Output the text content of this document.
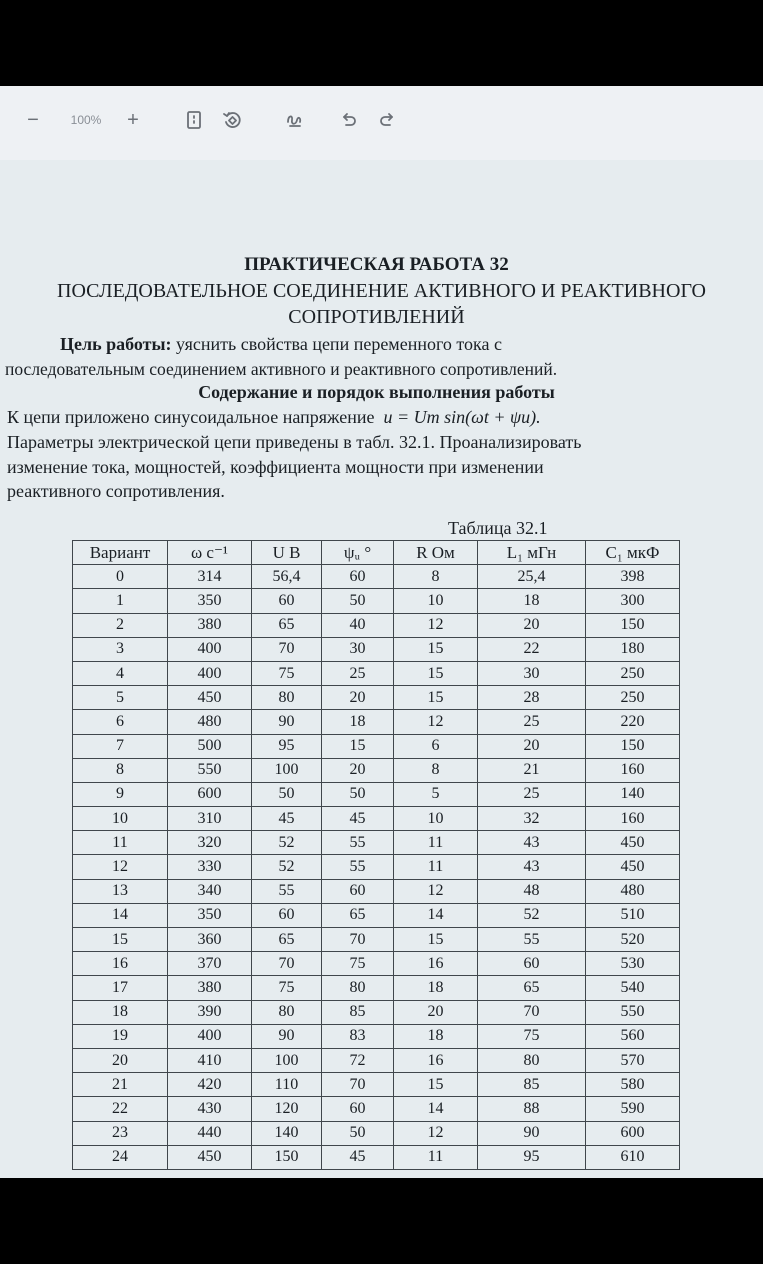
−	100%	+
ПРАКТИЧЕСКАЯ РАБОТА 32
ПОСЛЕДОВАТЕЛЬНОЕ СОЕДИНЕНИЕ АКТИВНОГО И РЕАКТИВНОГО
СОПРОТИВЛЕНИЙ
Цель работы: уяснить свойства цепи переменного тока с
последовательным соединением активного и реактивного сопротивлений.
Содержание и порядок выполнения работы
К цепи приложено синусоидальное напряжение u = Um sin(ωt + ψu).
Параметры электрической цепи приведены в табл. 32.1. Проанализировать
изменение тока, мощностей, коэффициента мощности при изменении
реактивного сопротивления.
Таблица 32.1
Вариант	ω с⁻¹	U В	ψᵤ °	R Ом	L₁ мГн	C₁ мкФ
0	314	56,4	60	8	25,4	398
1	350	60	50	10	18	300
2	380	65	40	12	20	150
3	400	70	30	15	22	180
4	400	75	25	15	30	250
5	450	80	20	15	28	250
6	480	90	18	12	25	220
7	500	95	15	6	20	150
8	550	100	20	8	21	160
9	600	50	50	5	25	140
10	310	45	45	10	32	160
11	320	52	55	11	43	450
12	330	52	55	11	43	450
13	340	55	60	12	48	480
14	350	60	65	14	52	510
15	360	65	70	15	55	520
16	370	70	75	16	60	530
17	380	75	80	18	65	540
18	390	80	85	20	70	550
19	400	90	83	18	75	560
20	410	100	72	16	80	570
21	420	110	70	15	85	580
22	430	120	60	14	88	590
23	440	140	50	12	90	600
24	450	150	45	11	95	610
